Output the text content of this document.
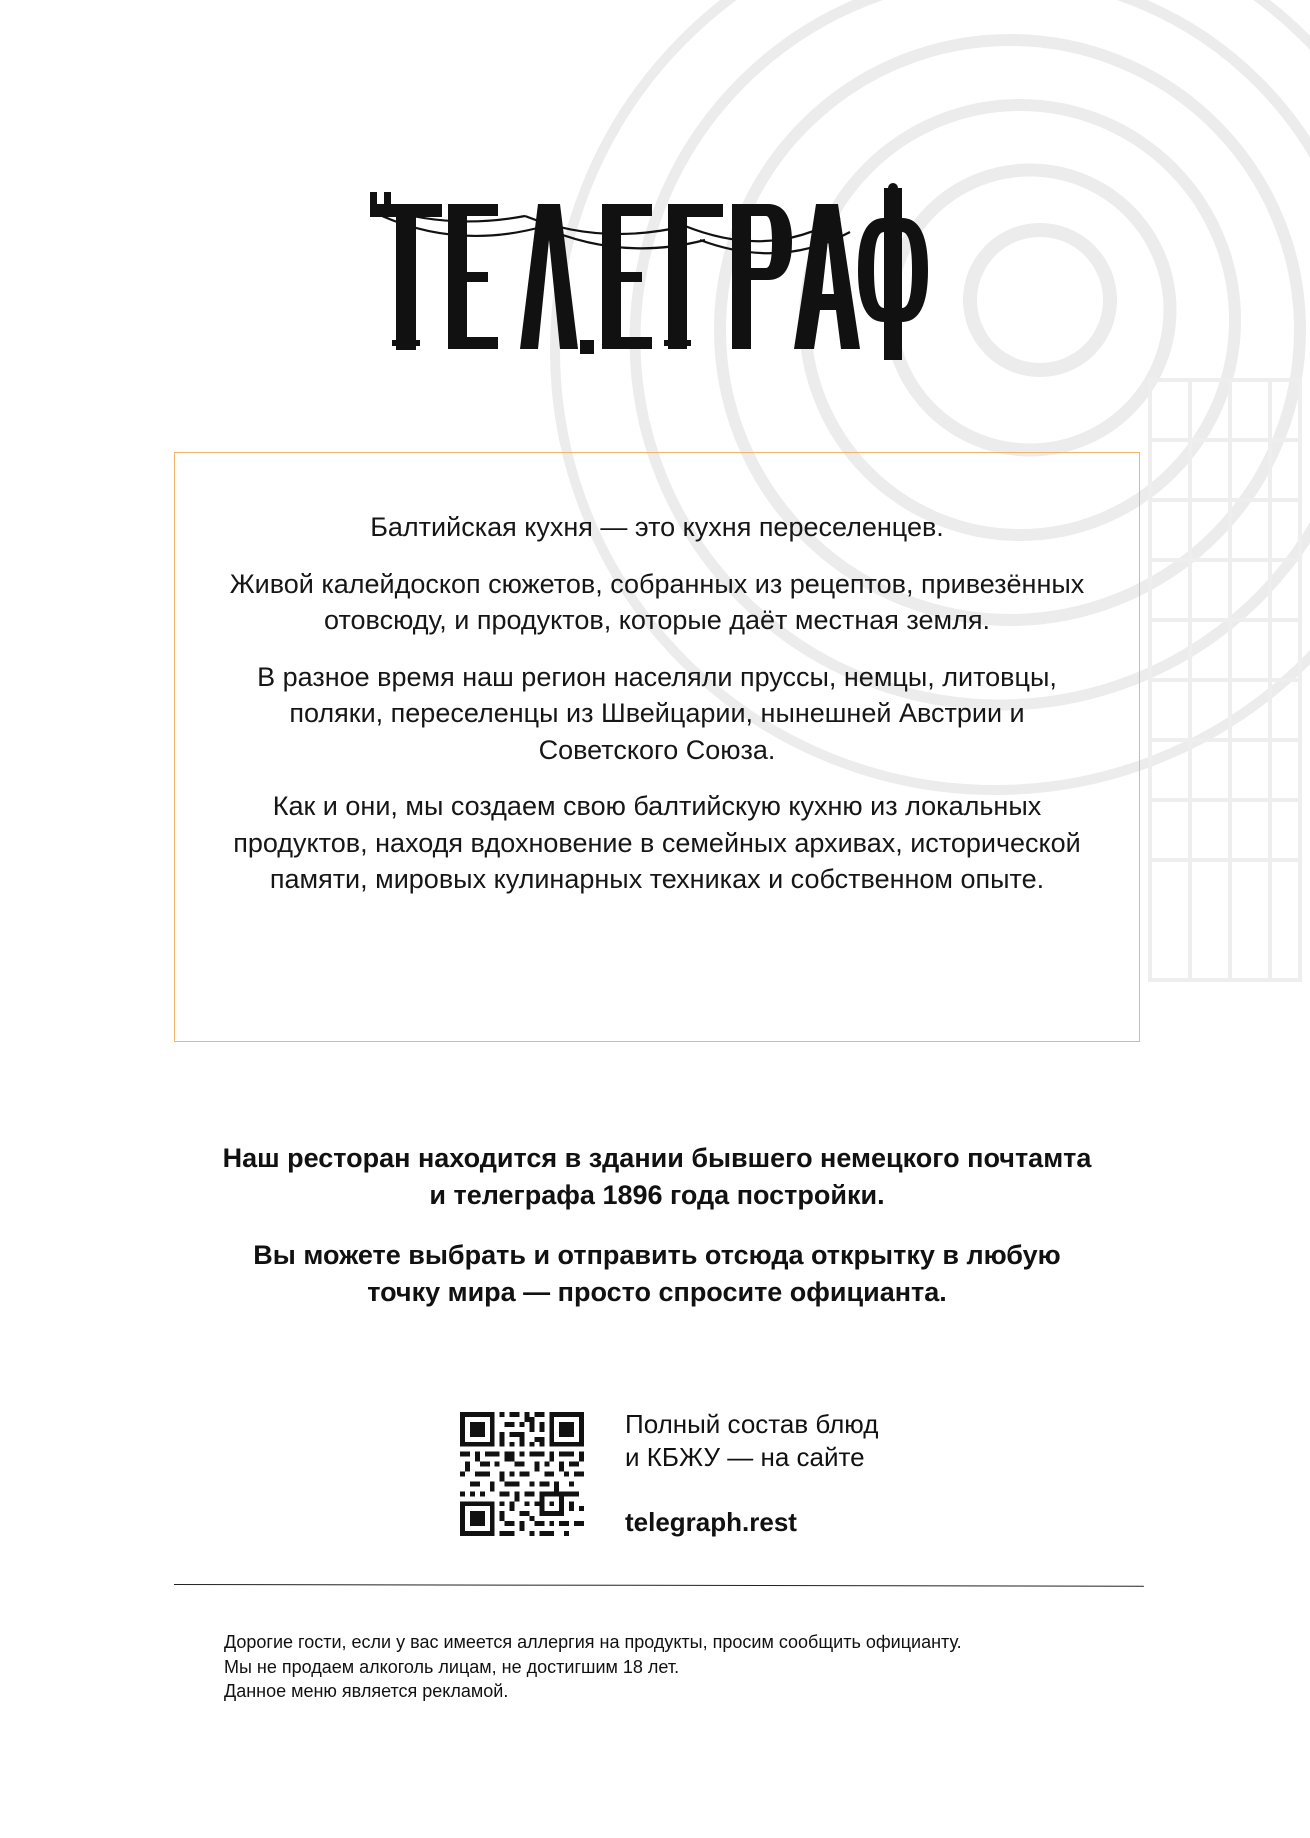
Балтийская кухня — это кухня переселенцев.

Живой калейдоскоп сюжетов, собранных из рецептов, привезённых отовсюду, и продуктов, которые даёт местная земля.

В разное время наш регион населяли пруссы, немцы, литовцы, поляки, переселенцы из Швейцарии, нынешней Австрии и Советского Союза.

Как и они, мы создаем свою балтийскую кухню из локальных продуктов, находя вдохновение в семейных архивах, исторической памяти, мировых кулинарных техниках и собственном опыте.

Наш ресторан находится в здании бывшего немецкого почтамта и телеграфа 1896 года постройки.

Вы можете выбрать и отправить отсюда открытку в любую точку мира — просто спросите официанта.

Полный состав блюд
и КБЖУ — на сайте
telegraph.rest
Дорогие гости, если у вас имеется аллергия на продукты, просим сообщить официанту.
Мы не продаем алкоголь лицам, не достигшим 18 лет.
Данное меню является рекламой.
